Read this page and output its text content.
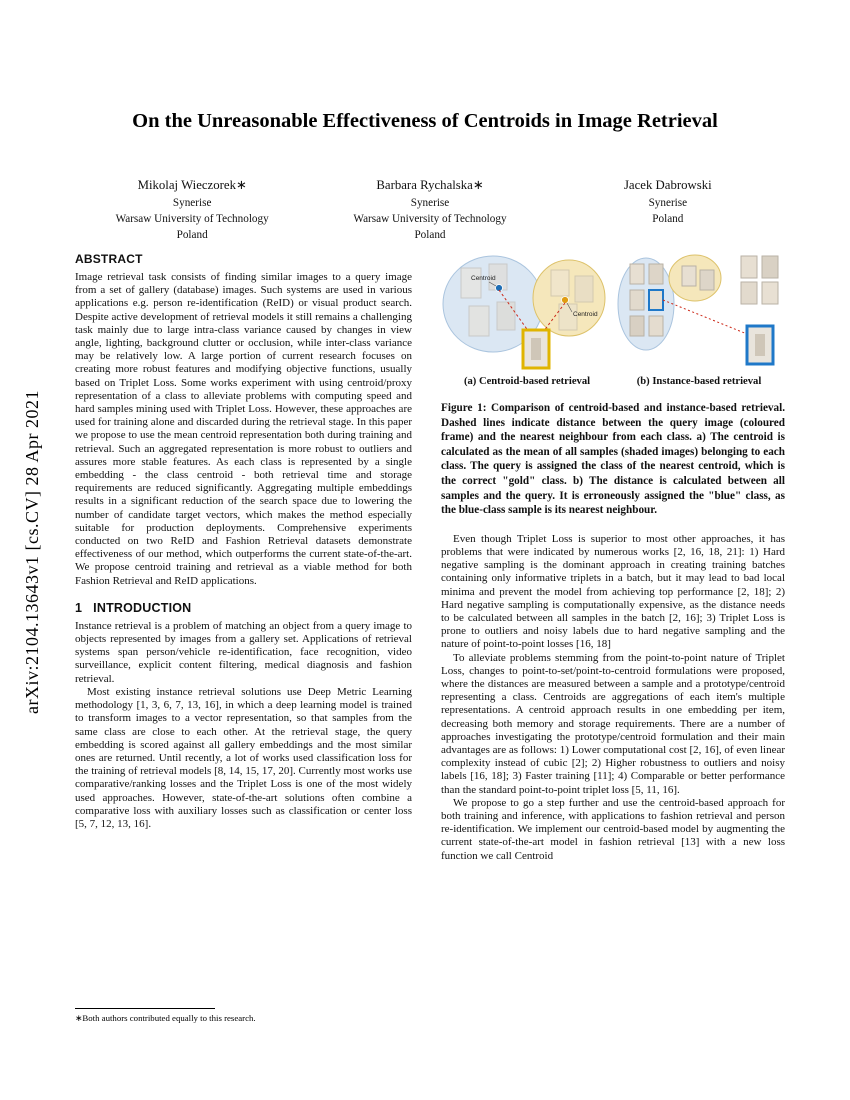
arXiv:2104.13643v1 [cs.CV] 28 Apr 2021
On the Unreasonable Effectiveness of Centroids in Image Retrieval
Mikolaj Wieczorek∗
Synerise
Warsaw University of Technology
Poland
Barbara Rychalska∗
Synerise
Warsaw University of Technology
Poland
Jacek Dabrowski
Synerise
Poland
ABSTRACT

Image retrieval task consists of finding similar images to a query image from a set of gallery (database) images. Such systems are used in various applications e.g. person re-identification (ReID) or visual product search. Despite active development of retrieval models it still remains a challenging task mainly due to large intra-class variance caused by changes in view angle, lighting, background clutter or occlusion, while inter-class variance may be relatively low. A large portion of current research focuses on creating more robust features and modifying objective functions, usually based on Triplet Loss. Some works experiment with using centroid/proxy representation of a class to alleviate problems with computing speed and hard samples mining used with Triplet Loss. However, these approaches are used for training alone and discarded during the retrieval stage. In this paper we propose to use the mean centroid representation both during training and retrieval. Such an aggregated representation is more robust to outliers and assures more stable features. As each class is represented by a single embedding - the class centroid - both retrieval time and storage requirements are reduced significantly. Aggregating multiple embeddings results in a significant reduction of the search space due to lowering the number of candidate target vectors, which makes the method especially suitable for production deployments. Comprehensive experiments conducted on two ReID and Fashion Retrieval datasets demonstrate effectiveness of our method, which outperforms the current state-of-the-art. We propose centroid training and retrieval as a viable method for both Fashion Retrieval and ReID applications.

1   INTRODUCTION

Instance retrieval is a problem of matching an object from a query image to objects represented by images from a gallery set. Applications of retrieval systems span person/vehicle re-identification, face recognition, video surveillance, explicit content filtering, medical diagnosis and fashion retrieval.

Most existing instance retrieval solutions use Deep Metric Learning methodology [1, 3, 6, 7, 13, 16], in which a deep learning model is trained to transform images to a vector representation, so that samples from the same class are close to each other. At the retrieval stage, the query embedding is scored against all gallery embeddings and the most similar ones are returned. Until recently, a lot of works used classification loss for the training of retrieval models [8, 14, 15, 17, 20]. Currently most works use comparative/ranking losses and the Triplet Loss is one of the most widely used approaches. However, state-of-the-art solutions often combine a comparative loss with auxiliary losses such as classification or center loss [5, 7, 12, 13, 16].

∗Both authors contributed equally to this research.
Centroid
Centroid
(a) Centroid-based retrieval	(b) Instance-based retrieval

Figure 1: Comparison of centroid-based and instance-based retrieval. Dashed lines indicate distance between the query image (coloured frame) and the nearest neighbour from each class. a) The centroid is calculated as the mean of all samples (shaded images) belonging to each class. The query is assigned the class of the nearest centroid, which is the correct "gold" class. b) The distance is calculated between all samples and the query. It is erroneously assigned the "blue" class, as the blue-class sample is its nearest neighbour.

Even though Triplet Loss is superior to most other approaches, it has problems that were indicated by numerous works [2, 16, 18, 21]: 1) Hard negative sampling is the dominant approach in creating training batches containing only informative triplets in a batch, but it may lead to bad local minima and prevent the model from achieving top performance [2, 18]; 2) Hard negative sampling is computationally expensive, as the distance needs to be calculated between all samples in the batch [2, 16]; 3) Triplet Loss is prone to outliers and noisy labels due to hard negative sampling and the nature of point-to-point losses [16, 18]

To alleviate problems stemming from the point-to-point nature of Triplet Loss, changes to point-to-set/point-to-centroid formulations were proposed, where the distances are measured between a sample and a prototype/centroid representing a class. Centroids are aggregations of each item's multiple representations. A centroid approach results in one embedding per item, decreasing both memory and storage requirements. There are a number of approaches investigating the prototype/centroid formulation and their main advantages are as follows: 1) Lower computational cost [2, 16], of even linear complexity instead of cubic [2]; 2) Higher robustness to outliers and noisy labels [16, 18]; 3) Faster training [11]; 4) Comparable or better performance than the standard point-to-point triplet loss [5, 11, 16].

We propose to go a step further and use the centroid-based approach for both training and inference, with applications to fashion retrieval and person re-identification. We implement our centroid-based model by augmenting the current state-of-the-art model in fashion retrieval [13] with a new loss function we call Centroid
